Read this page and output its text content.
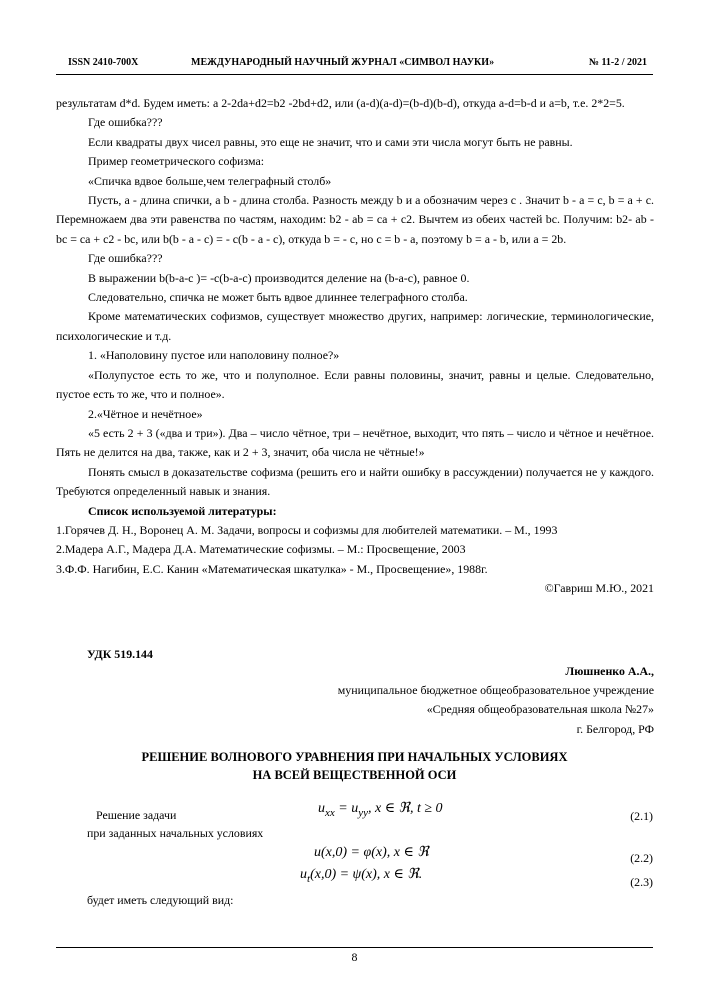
ISSN 2410-700X	МЕЖДУНАРОДНЫЙ НАУЧНЫЙ ЖУРНАЛ «СИМВОЛ НАУКИ»	№ 11-2 / 2021

результатам d*d. Будем иметь: a 2-2da+d2=b2 -2bd+d2, или (a-d)(a-d)=(b-d)(b-d), откуда a-d=b-d и a=b, т.е. 2*2=5.

Где ошибка???

Если квадраты двух чисел равны, это еще не значит, что и сами эти числа могут быть не равны.

Пример геометрического софизма:

«Спичка вдвое больше,чем телеграфный столб»

Пусть, а - длина спички, а b - длина столба. Разность между b и а обозначим через с . Значит b - a = c, b = a + c. Перемножаем два эти равенства по частям, находим: b2 - ab = ca + c2. Вычтем из обеих частей bc. Получим: b2- ab - bc = ca + c2 - bc, или b(b - a - c) = - c(b - a - c), откуда b = - c, но c = b - a, поэтому b = a - b, или a = 2b.

Где ошибка???

В выражении b(b-a-c )= -c(b-a-c) производится деление на (b-a-c), равное 0.

Следовательно, спичка не может быть вдвое длиннее телеграфного столба.

Кроме математических софизмов, существует множество других, например: логические, терминологические, психологические и т.д.

1. «Наполовину пустое или наполовину полное?»

«Полупустое есть то же, что и полуполное. Если равны половины, значит, равны и целые. Следовательно, пустое есть то же, что и полное».

2.«Чётное и нечётное»

«5 есть 2 + 3 («два и три»). Два – число чётное, три – нечётное, выходит, что пять – число и чётное и нечётное. Пять не делится на два, также, как и 2 + 3, значит, оба числа не чётные!»

Понять смысл в доказательстве софизма (решить его и найти ошибку в рассуждении) получается не у каждого. Требуются определенный навык и знания.

Список используемой литературы:

1.Горячев Д. Н., Воронец А. М. Задачи, вопросы и софизмы для любителей математики. – М., 1993

2.Мадера А.Г., Мадера Д.А. Математические софизмы. – М.: Просвещение, 2003

3.Ф.Ф. Нагибин, Е.С. Канин «Математическая шкатулка» - М., Просвещение», 1988г.

©Гавриш М.Ю., 2021

УДК 519.144
Люшненко А.А.,
муниципальное бюджетное общеобразовательное учреждение
«Средняя общеобразовательная школа №27»
г. Белгород, РФ
РЕШЕНИЕ ВОЛНОВОГО УРАВНЕНИЯ ПРИ НАЧАЛЬНЫХ УСЛОВИЯХ
НА ВСЕЙ ВЕЩЕСТВЕННОЙ ОСИ
Решение задачи	$u_{xx} = u_{yy}$, x ∈ ℜ, t ≥ 0	(2.1)
при заданных начальных условиях
u(x,0) = φ(x), x ∈ ℜ	(2.2)
$u_t(x,0) = \psi(x)$, x ∈ ℜ.	(2.3)
будет иметь следующий вид:
8
